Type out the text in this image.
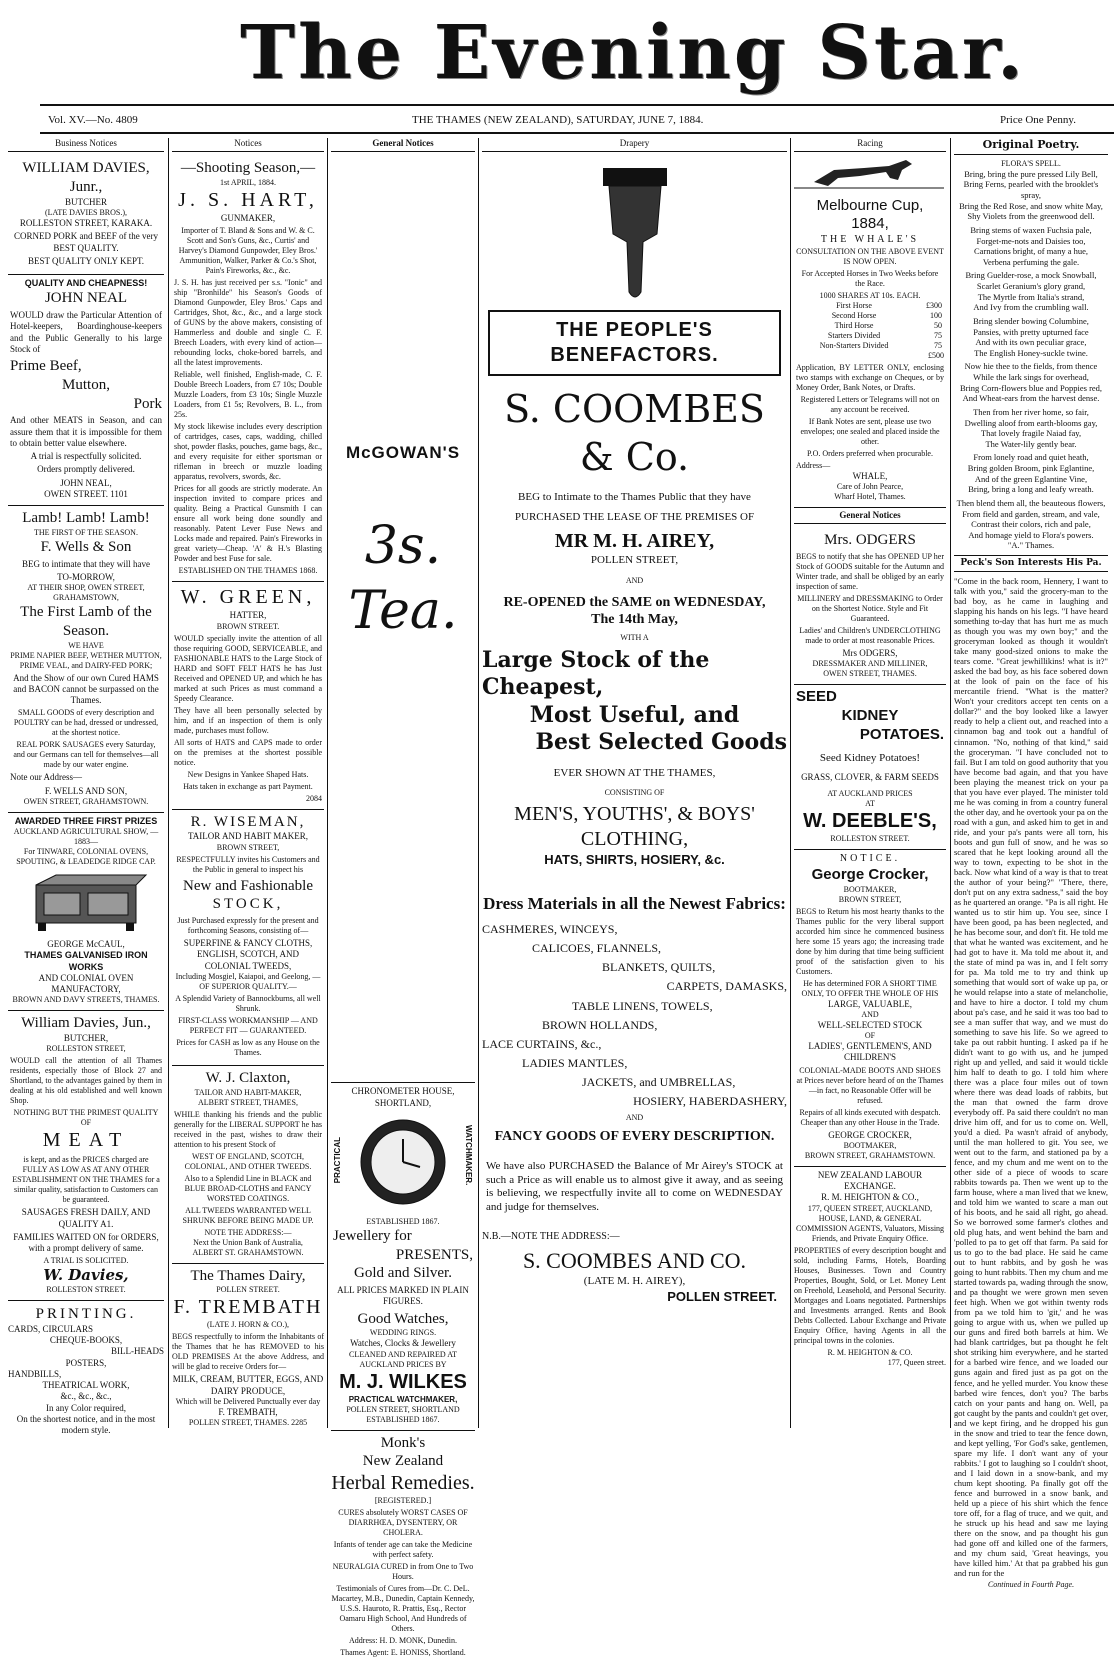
The Evening Star.
Vol. XV.—No. 4809	THE THAMES (NEW ZEALAND), SATURDAY, JUNE 7, 1884.	Price One Penny.
Business Notices
WILLIAM DAVIES, Junr.,
BUTCHER
(LATE DAVIES BROS.),
ROLLESTON STREET, KARAKA.

CORNED PORK and BEEF of the very BEST QUALITY.

BEST QUALITY ONLY KEPT.

QUALITY AND CHEAPNESS!
JOHN NEAL

WOULD draw the Particular Attention of Hotel-keepers, Boardinghouse-keepers and the Public Generally to his large Stock of

Prime Beef,
Mutton,
Pork

And other MEATS in Season, and can assure them that it is impossible for them to obtain better value elsewhere.

A trial is respectfully solicited.

Orders promptly delivered.

JOHN NEAL,
OWEN STREET. 1101
Lamb! Lamb! Lamb!
THE FIRST OF THE SEASON.
F. Wells & Son

BEG to intimate that they will have

TO-MORROW,
AT THEIR SHOP, OWEN STREET, GRAHAMSTOWN,
The First Lamb of the Season.
WE HAVE
PRIME NAPIER BEEF, WETHER MUTTON, PRIME VEAL, and DAIRY-FED PORK;

And the Show of our own Cured HAMS and BACON cannot be surpassed on the Thames.

SMALL GOODS of every description and POULTRY can be had, dressed or undressed, at the shortest notice.

REAL PORK SAUSAGES every Saturday, and our Germans can tell for themselves—all made by our water engine.

Note our Address—

F. WELLS AND SON,
OWEN STREET, GRAHAMSTOWN.
AWARDED THREE FIRST PRIZES
AUCKLAND AGRICULTURAL SHOW, —1883—
For TINWARE, COLONIAL OVENS, SPOUTING, & LEADEDGE RIDGE CAP.
GEORGE McCAUL,
THAMES GALVANISED IRON WORKS
AND COLONIAL OVEN MANUFACTORY,
BROWN AND DAVY STREETS, THAMES.
William Davies, Jun.,
BUTCHER,
ROLLESTON STREET,

WOULD call the attention of all Thames residents, especially those of Block 27 and Shortland, to the advantages gained by them in dealing at his old established and well known Shop.

NOTHING BUT THE PRIMEST QUALITY OF
MEAT

is kept, and as the PRICES charged are FULLY AS LOW AS AT ANY OTHER ESTABLISHMENT ON THE THAMES for a similar quality, satisfaction to Customers can be guaranteed.

SAUSAGES FRESH DAILY, AND QUALITY A1.

FAMILIES WAITED ON for ORDERS, with a prompt delivery of same.

A TRIAL IS SOLICITED.
W. Davies,
ROLLESTON STREET.
PRINTING.
CARDS, CIRCULARS
CHEQUE-BOOKS,
BILL-HEADS
POSTERS,
HANDBILLS,
THEATRICAL WORK,
&c., &c., &c.,
In any Color required,
On the shortest notice, and in the most modern style.
Notices
—Shooting Season,—
1st APRIL, 1884.
J. S. HART,
GUNMAKER,

Importer of T. Bland & Sons and W. & C. Scott and Son's Guns, &c., Curtis' and Harvey's Diamond Gunpowder, Eley Bros.' Ammunition, Walker, Parker & Co.'s Shot, Pain's Fireworks, &c., &c.

J. S. H. has just received per s.s. "Ionic" and ship "Bronhilde" his Season's Goods of Diamond Gunpowder, Eley Bros.' Caps and Cartridges, Shot, &c., &c., and a large stock of GUNS by the above makers, consisting of Hammerless and double and single C. F. Breech Loaders, with every kind of action—rebounding locks, choke-bored barrels, and all the latest improvements.

Reliable, well finished, English-made, C. F. Double Breech Loaders, from £7 10s; Double Muzzle Loaders, from £3 10s; Single Muzzle Loaders, from £1 5s; Revolvers, B. L., from 25s.

My stock likewise includes every description of cartridges, cases, caps, wadding, chilled shot, powder flasks, pouches, game bags, &c., and every requisite for either sportsman or rifleman in breech or muzzle loading apparatus, revolvers, swords, &c.

Prices for all goods are strictly moderate. An inspection invited to compare prices and quality. Being a Practical Gunsmith I can ensure all work being done soundly and reasonably. Patent Lever Fuse News and Locks made and repaired. Pain's Fireworks in great variety—Cheap. 'A' & H.'s Blasting Powder and best Fuse for sale.

ESTABLISHED ON THE THAMES 1868.
W. GREEN,
HATTER,
BROWN STREET.

WOULD specially invite the attention of all those requiring GOOD, SERVICEABLE, and FASHIONABLE HATS to the Large Stock of HARD and SOFT FELT HATS he has Just Received and OPENED UP, and which he has marked at such Prices as must command a Speedy Clearance.

They have all been personally selected by him, and if an inspection of them is only made, purchases must follow.

All sorts of HATS and CAPS made to order on the premises at the shortest possible notice.

New Designs in Yankee Shaped Hats.

Hats taken in exchange as part Payment.

2084
R. WISEMAN,
TAILOR AND HABIT MAKER,
BROWN STREET,

RESPECTFULLY invites his Customers and the Public in general to inspect his

New and Fashionable
STOCK,

Just Purchased expressly for the present and forthcoming Seasons, consisting of—

SUPERFINE & FANCY CLOTHS, ENGLISH, SCOTCH, AND COLONIAL TWEEDS,
Including Mosgiel, Kaiapoi, and Geelong, — OF SUPERIOR QUALITY.—

A Splendid Variety of Bannockburns, all well Shrunk.

FIRST-CLASS WORKMANSHIP — AND PERFECT FIT — GUARANTEED.

Prices for CASH as low as any House on the Thames.

W. J. Claxton,
TAILOR AND HABIT-MAKER,
ALBERT STREET, THAMES,

WHILE thanking his friends and the public generally for the LIBERAL SUPPORT he has received in the past, wishes to draw their attention to his present Stock of

WEST OF ENGLAND, SCOTCH, COLONIAL, AND OTHER TWEEDS.

Also to a Splendid Line in BLACK and BLUE BROAD-CLOTHS and FANCY WORSTED COATINGS.

ALL TWEEDS WARRANTED WELL SHRUNK BEFORE BEING MADE UP.

NOTE THE ADDRESS:—
Next the Union Bank of Australia,
ALBERT ST. GRAHAMSTOWN.
The Thames Dairy,
POLLEN STREET.
F. TREMBATH
(LATE J. HORN & CO.),

BEGS respectfully to inform the Inhabitants of the Thames that he has REMOVED to his OLD PREMISES At the above Address, and will be glad to receive Orders for—

MILK, CREAM, BUTTER, EGGS, AND DAIRY PRODUCE,
Which will be Delivered Punctually ever day
F. TREMBATH,
POLLEN STREET, THAMES. 2285
General Notices
McGOWAN'S
3s. Tea.
CHRONOMETER HOUSE, SHORTLAND,
PRACTICAL	WATCHMAKER.
ESTABLISHED 1867.
Jewellery for
PRESENTS,
Gold and Silver.

ALL PRICES MARKED IN PLAIN FIGURES.

Good Watches,
WEDDING RINGS.
Watches, Clocks & Jewellery
CLEANED AND REPAIRED AT AUCKLAND PRICES BY
M. J. WILKES
PRACTICAL WATCHMAKER,
POLLEN STREET, SHORTLAND
ESTABLISHED 1867.
Monk's
New Zealand
Herbal Remedies.
[REGISTERED.]

CURES absolutely WORST CASES OF DIARRHŒA, DYSENTERY, OR CHOLERA.

Infants of tender age can take the Medicine with perfect safety.

NEURALGIA CURED in from One to Two Hours.

Testimonials of Cures from—Dr. C. DeL. Macartey, M.B., Dunedin, Captain Kennedy, U.S.S. Hauroto, R. Prattis, Esq., Rector Oamaru High School, And Hundreds of Others.

Address: H. D. MONK, Dunedin.

Thames Agent: E. HONISS, Shortland.

Drapery
THE PEOPLE'S BENEFACTORS.
S. COOMBES & Co.
BEG to Intimate to the Thames Public that they have
PURCHASED THE LEASE OF THE PREMISES OF
MR M. H. AIREY,
POLLEN STREET,
AND
RE-OPENED the SAME on WEDNESDAY,
The 14th May,
WITH A
Large Stock of the Cheapest,
Most Useful, and
Best Selected Goods
EVER SHOWN AT THE THAMES,
CONSISTING OF
MEN'S, YOUTHS', & BOYS' CLOTHING,
HATS, SHIRTS, HOSIERY, &c.
Dress Materials in all the Newest Fabrics:
CASHMERES, WINCEYS,
CALICOES, FLANNELS,
BLANKETS, QUILTS,
CARPETS, DAMASKS,
TABLE LINENS, TOWELS,
BROWN HOLLANDS,
LACE CURTAINS, &c.,
LADIES MANTLES,
JACKETS, and UMBRELLAS,
HOSIERY, HABERDASHERY,
AND
FANCY GOODS OF EVERY DESCRIPTION.

We have also PURCHASED the Balance of Mr Airey's STOCK at such a Price as will enable us to almost give it away, and as seeing is believing, we respectfully invite all to come on WEDNESDAY and judge for themselves.

N.B.—NOTE THE ADDRESS:—
S. COOMBES AND CO.
(LATE M. H. AIREY),
POLLEN STREET.
Racing
Melbourne Cup, 1884,
THE WHALE'S
CONSULTATION ON THE ABOVE EVENT IS NOW OPEN.

For Accepted Horses in Two Weeks before the Race.

1000 SHARES AT 10s. EACH.
First Horse	£300
Second Horse	100
Third Horse	50
Starters Divided	75
Non-Starters Divided	75
£500

Application, BY LETTER ONLY, enclosing two stamps with exchange on Cheques, or by Money Order, Bank Notes, or Drafts.

Registered Letters or Telegrams will not on any account be received.

If Bank Notes are sent, please use two envelopes; one sealed and placed inside the other.

P.O. Orders preferred when procurable.

Address—
WHALE,
Care of John Pearce,
Wharf Hotel, Thames.
General Notices
Mrs. ODGERS

BEGS to notify that she has OPENED UP her Stock of GOODS suitable for the Autumn and Winter trade, and shall be obliged by an early inspection of same.

MILLINERY and DRESSMAKING to Order on the Shortest Notice. Style and Fit Guaranteed.

Ladies' and Children's UNDERCLOTHING made to order at most reasonable Prices.

Mrs ODGERS,
DRESSMAKER AND MILLINER,
OWEN STREET, THAMES.
SEED
KIDNEY
POTATOES.
Seed Kidney Potatoes!
GRASS, CLOVER, & FARM SEEDS
AT AUCKLAND PRICES
AT
W. DEEBLE'S,
ROLLESTON STREET.
NOTICE.
George Crocker,
BOOTMAKER,
BROWN STREET,

BEGS to Return his most hearty thanks to the Thames public for the very liberal support accorded him since he commenced business here some 15 years ago; the increasing trade done by him during that time being sufficient proof of the satisfaction given to his Customers.

He has determined FOR A SHORT TIME ONLY, TO OFFER THE WHOLE OF HIS
LARGE, VALUABLE,
AND
WELL-SELECTED STOCK
OF
LADIES', GENTLEMEN'S, AND CHILDREN'S

COLONIAL-MADE BOOTS AND SHOES at Prices never before heard of on the Thames—in fact, no Reasonable Offer will be refused.

Repairs of all kinds executed with despatch. Cheaper than any other House in the Trade.

GEORGE CROCKER,
BOOTMAKER,
BROWN STREET, GRAHAMSTOWN.
NEW ZEALAND LABOUR EXCHANGE.
R. M. HEIGHTON & CO.,
177, QUEEN STREET, AUCKLAND,
HOUSE, LAND, & GENERAL COMMISSION AGENTS, Valuators, Missing Friends, and Private Enquiry Office.

PROPERTIES of every description bought and sold, including Farms, Hotels, Boarding Houses, Businesses. Town and Country Properties, Bought, Sold, or Let. Money Lent on Freehold, Leasehold, and Personal Security. Mortgages and Loans negotiated. Partnerships and Investments arranged. Rents and Book Debts Collected. Labour Exchange and Private Enquiry Office, having Agents in all the principal towns in the colonies.

R. M. HEIGHTON & CO.
177, Queen street.
Original Poetry.
FLORA'S SPELL.
Bring, bring the pure pressed Lily Bell,
Bring Ferns, pearled with the brooklet's spray,
Bring the Red Rose, and snow white May,
Shy Violets from the greenwood dell.
Bring stems of waxen Fuchsia pale,
Forget-me-nots and Daisies too,
Carnations bright, of many a hue,
Verbena perfuming the gale.
Bring Guelder-rose, a mock Snowball,
Scarlet Geranium's glory grand,
The Myrtle from Italia's strand,
And Ivy from the crumbling wall.
Bring slender bowing Columbine,
Pansies, with pretty upturned face
And with its own peculiar grace,
The English Honey-suckle twine.
Now hie thee to the fields, from thence
While the lark sings for overhead,
Bring Corn-flowers blue and Poppies red,
And Wheat-ears from the harvest dense.
Then from her river home, so fair,
Dwelling aloof from earth-blooms gay,
That lovely fragile Naiad fay,
The Water-lily gently bear.
From lonely road and quiet heath,
Bring golden Broom, pink Eglantine,
And of the green Eglantine Vine,
Bring, bring a long and leafy wreath.
Then blend them all, the beauteous flowers,
From field and garden, stream, and vale,
Contrast their colors, rich and pale,
And homage yield to Flora's powers.
"A." Thames.
Peck's Son Interests His Pa.
"Come in the back room, Hennery, I want to talk with you," said the grocery-man to the bad boy, as he came in laughing and slapping his hands on his legs. "I have heard something to-day that has hurt me as much as though you was my own boy;" and the groceryman looked as though it wouldn't take many good-sized onions to make the tears come. "Great jewhillikins! what is it?" asked the bad boy, as his face sobered down at the look of pain on the face of his mercantile friend. "What is the matter? Won't your creditors accept ten cents on a dollar?" and the boy looked like a lawyer ready to help a client out, and reached into a cinnamon bag and took out a handful of cinnamon. "No, nothing of that kind," said the groceryman. "I have concluded not to fail. But I am told on good authority that you have become bad again, and that you have been playing the meanest trick on your pa that you have ever played. The minister told me he was coming in from a country funeral the other day, and he overtook your pa on the road with a gun, and asked him to get in and ride, and your pa's pants were all torn, his boots and gun full of snow, and he was so scared that he kept looking around all the way to town, expecting to be shot in the back. Now what kind of a way is that to treat the author of your being?" "There, there, don't put on any extra sadness," said the boy as he quartered an orange. "Pa is all right. He wanted us to stir him up. You see, since I have been good, pa has been neglected, and he has become sour, and don't fit. He told me that what he wanted was excitement, and he had got to have it. Ma told me about it, and the state of mind pa was in, and I felt sorry for pa. Ma told me to try and think up something that would sort of wake up pa, or he would relapse into a state of melancholie, and have to hire a doctor. I told my chum about pa's case, and he said it was too bad to see a man suffer that way, and we must do something to save his life. So we agreed to take pa out rabbit hunting. I asked pa if he didn't want to go with us, and he jumped right up and yelled, and said it would tickle him half to death to go. I told him where there was a place four miles out of town where there was dead loads of rabbits, but the man that owned the farm drove everybody off. Pa said there couldn't no man drive him off, and for us to come on. Well, you'd a died. Pa wasn't afraid of anybody, until the man hollered to git. You see, we went out to the farm, and stationed pa by a fence, and my chum and me went on to the other side of a piece of woods to scare rabbits towards pa. Then we went up to the farm house, where a man lived that we knew, and told him we wanted to scare a man out of his boots, and he said all right, go ahead. So we borrowed some farmer's clothes and old plug hats, and went behind the barn and 'polled to pa to get off that farm. Pa said for us to go to the bad place. He said he came out to hunt rabbits, and by gosh he was going to hunt rabbits. Then my chum and me started towards pa, wading through the snow, and pa thought we were grown men seven feet high. When we got within twenty rods from pa we told him to 'git,' and he was going to argue with us, when we pulled up our guns and fired both barrels at him. We had blank cartridges, but pa thought he felt shot striking him everywhere, and he started for a barbed wire fence, and we loaded our guns again and fired just as pa got on the fence, and he yelled murder. You know these barbed wire fences, don't you? The barbs catch on your pants and hang on. Well, pa got caught by the pants and couldn't get over, and we kept firing, and he dropped his gun in the snow and tried to tear the fence down, and kept yelling, 'For God's sake, gentlemen, spare my life. I don't want any of your rabbits.' I got to laughing so I couldn't shoot, and I laid down in a snow-bank, and my chum kept shooting. Pa finally got off the fence and burrowed in a snow bank, and held up a piece of his shirt which the fence tore off, for a flag of truce, and we quit, and he struck up his head and saw me laying there on the snow, and pa thought his gun had gone off and killed one of the farmers, and my chum said, 'Great heavings, you have killed him.' At that pa grabbed his gun and run for the
Continued in Fourth Page.
